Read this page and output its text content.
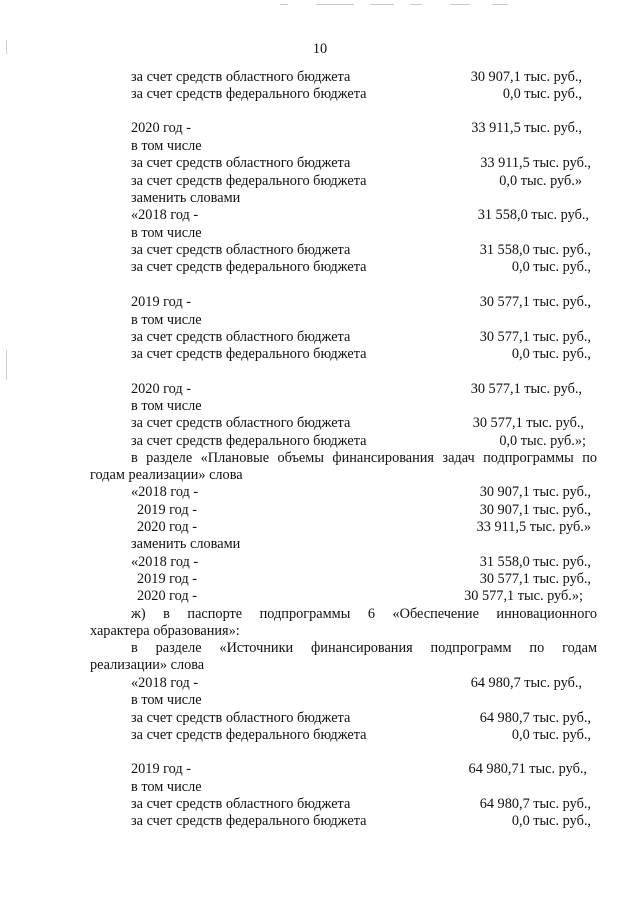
10
за счет средств областного бюджета	30 907,1 тыс. руб.,
за счет средств федерального бюджета	0,0 тыс. руб.,
2020 год -	33 911,5 тыс. руб.,
в том числе
за счет средств областного бюджета	33 911,5 тыс. руб.,
за счет средств федерального бюджета	0,0 тыс. руб.»
заменить словами
«2018 год -	31 558,0 тыс. руб.,
в том числе
за счет средств областного бюджета	31 558,0 тыс. руб.,
за счет средств федерального бюджета	0,0 тыс. руб.,
2019 год -	30 577,1 тыс. руб.,
в том числе
за счет средств областного бюджета	30 577,1 тыс. руб.,
за счет средств федерального бюджета	0,0 тыс. руб.,
2020 год -	30 577,1 тыс. руб.,
в том числе
за счет средств областного бюджета	30 577,1 тыс. руб.,
за счет средств федерального бюджета	0,0 тыс. руб.»;
в разделе «Плановые объемы финансирования задач подпрограммы по
годам реализации» слова
«2018 год -	30 907,1 тыс. руб.,
2019 год -	30 907,1 тыс. руб.,
2020 год -	33 911,5 тыс. руб.»
заменить словами
«2018 год -	31 558,0 тыс. руб.,
2019 год -	30 577,1 тыс. руб.,
2020 год -	30 577,1 тыс. руб.»;
ж) в паспорте подпрограммы 6 «Обеспечение инновационного
характера образования»:
в разделе «Источники финансирования подпрограмм по годам
реализации» слова
«2018 год -	64 980,7 тыс. руб.,
в том числе
за счет средств областного бюджета	64 980,7 тыс. руб.,
за счет средств федерального бюджета	0,0 тыс. руб.,
2019 год -	64 980,71 тыс. руб.,
в том числе
за счет средств областного бюджета	64 980,7 тыс. руб.,
за счет средств федерального бюджета	0,0 тыс. руб.,
